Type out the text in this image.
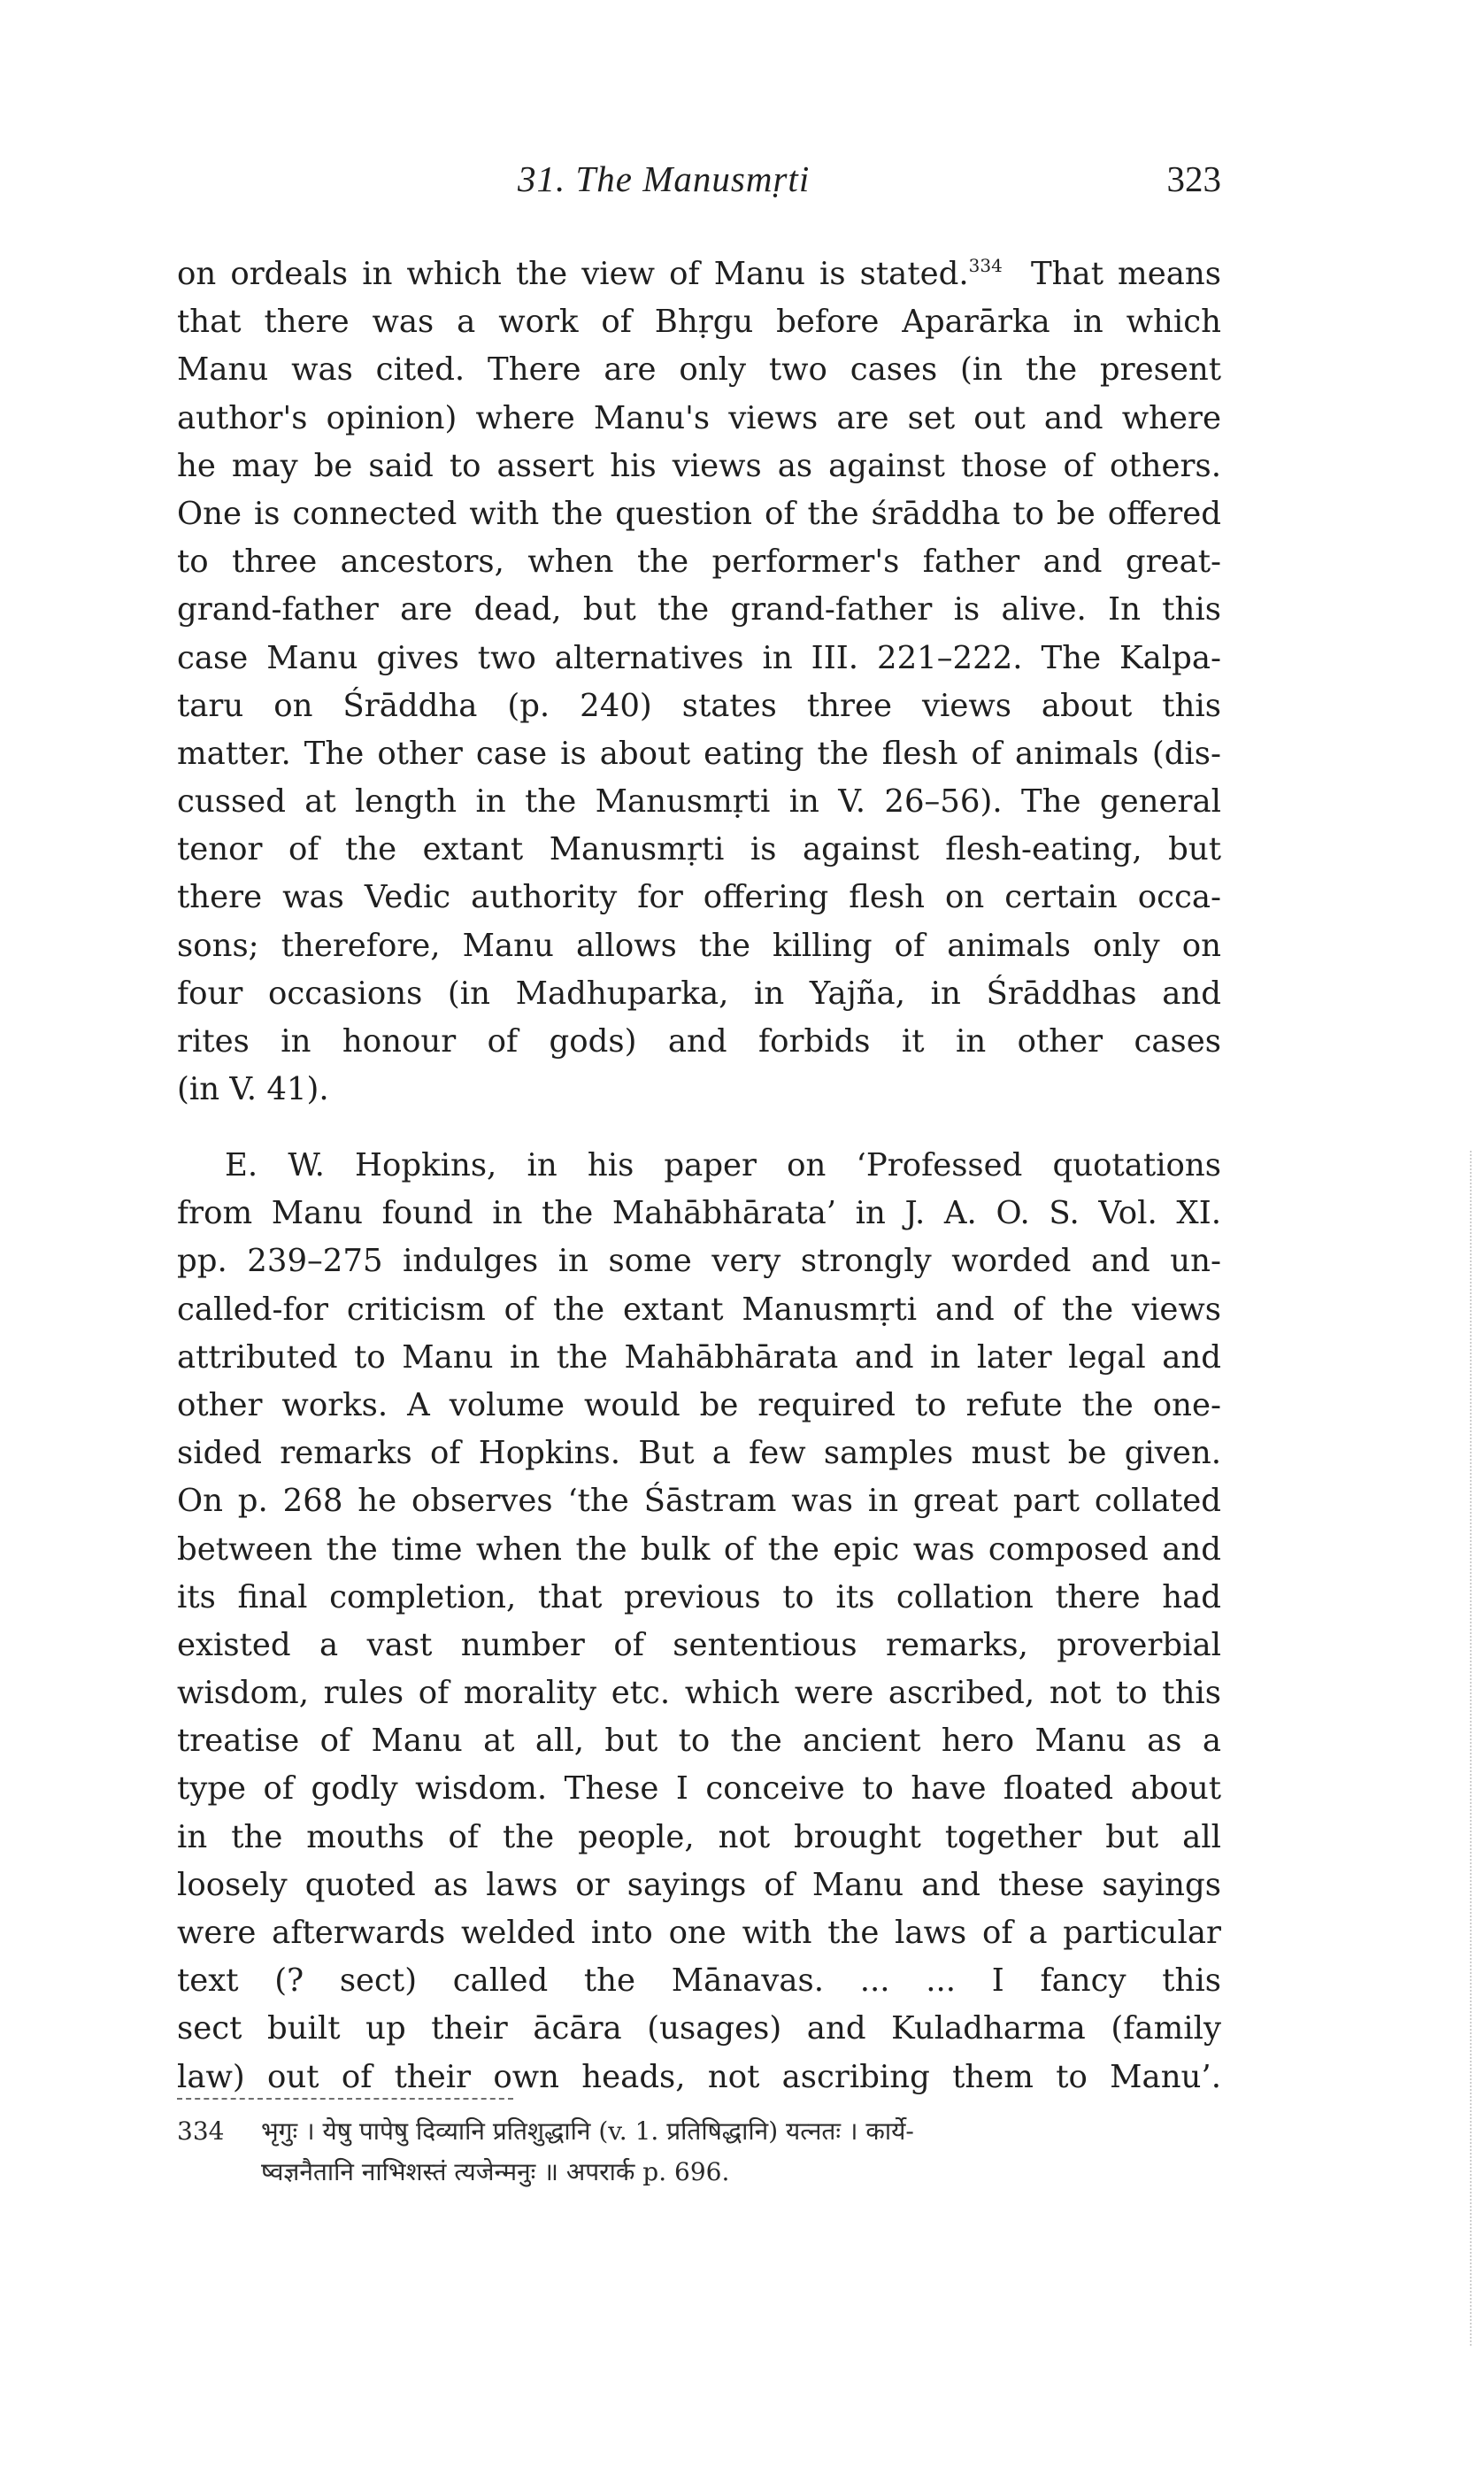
31. The Manusmṛti	323
on ordeals in which the view of Manu is stated.$^{334}$ That means
that there was a work of Bhṛgu before Aparārka in which
Manu was cited. There are only two cases (in the present
author's opinion) where Manu's views are set out and where
he may be said to assert his views as against those of others.
One is connected with the question of the śrāddha to be offered
to three ancestors, when the performer's father and great-
grand-father are dead, but the grand-father is alive. In this
case Manu gives two alternatives in III. 221–222. The Kalpa-
taru on Śrāddha (p. 240) states three views about this
matter. The other case is about eating the flesh of animals (dis-
cussed at length in the Manusmṛti in V. 26–56). The general
tenor of the extant Manusmṛti is against flesh-eating, but
there was Vedic authority for offering flesh on certain occa-
sons; therefore, Manu allows the killing of animals only on
four occasions (in Madhuparka, in Yajña, in Śrāddhas and
rites in honour of gods) and forbids it in other cases
(in V. 41).
E. W. Hopkins, in his paper on ‘Professed quotations
from Manu found in the Mahābhārata’ in J. A. O. S. Vol. XI.
pp. 239–275 indulges in some very strongly worded and un-
called-for criticism of the extant Manusmṛti and of the views
attributed to Manu in the Mahābhārata and in later legal and
other works. A volume would be required to refute the one-
sided remarks of Hopkins. But a few samples must be given.
On p. 268 he observes ‘the Śāstram was in great part collated
between the time when the bulk of the epic was composed and
its final completion, that previous to its collation there had
existed a vast number of sententious remarks, proverbial
wisdom, rules of morality etc. which were ascribed, not to this
treatise of Manu at all, but to the ancient hero Manu as a
type of godly wisdom. These I conceive to have floated about
in the mouths of the people, not brought together but all
loosely quoted as laws or sayings of Manu and these sayings
were afterwards welded into one with the laws of a particular
text (? sect) called the Mānavas. ... ... I fancy this
sect built up their ācāra (usages) and Kuladharma (family
law) out of their own heads, not ascribing them to Manu’.
334 भृगुः । येषु पापेषु दिव्यानि प्रतिशुद्धानि (v. 1. प्रतिषिद्धानि) यत्नतः । कार्ये-
ष्वज्ञनैतानि नाभिशस्तं त्यजेन्मनुः ॥ अपरार्क p. 696.
